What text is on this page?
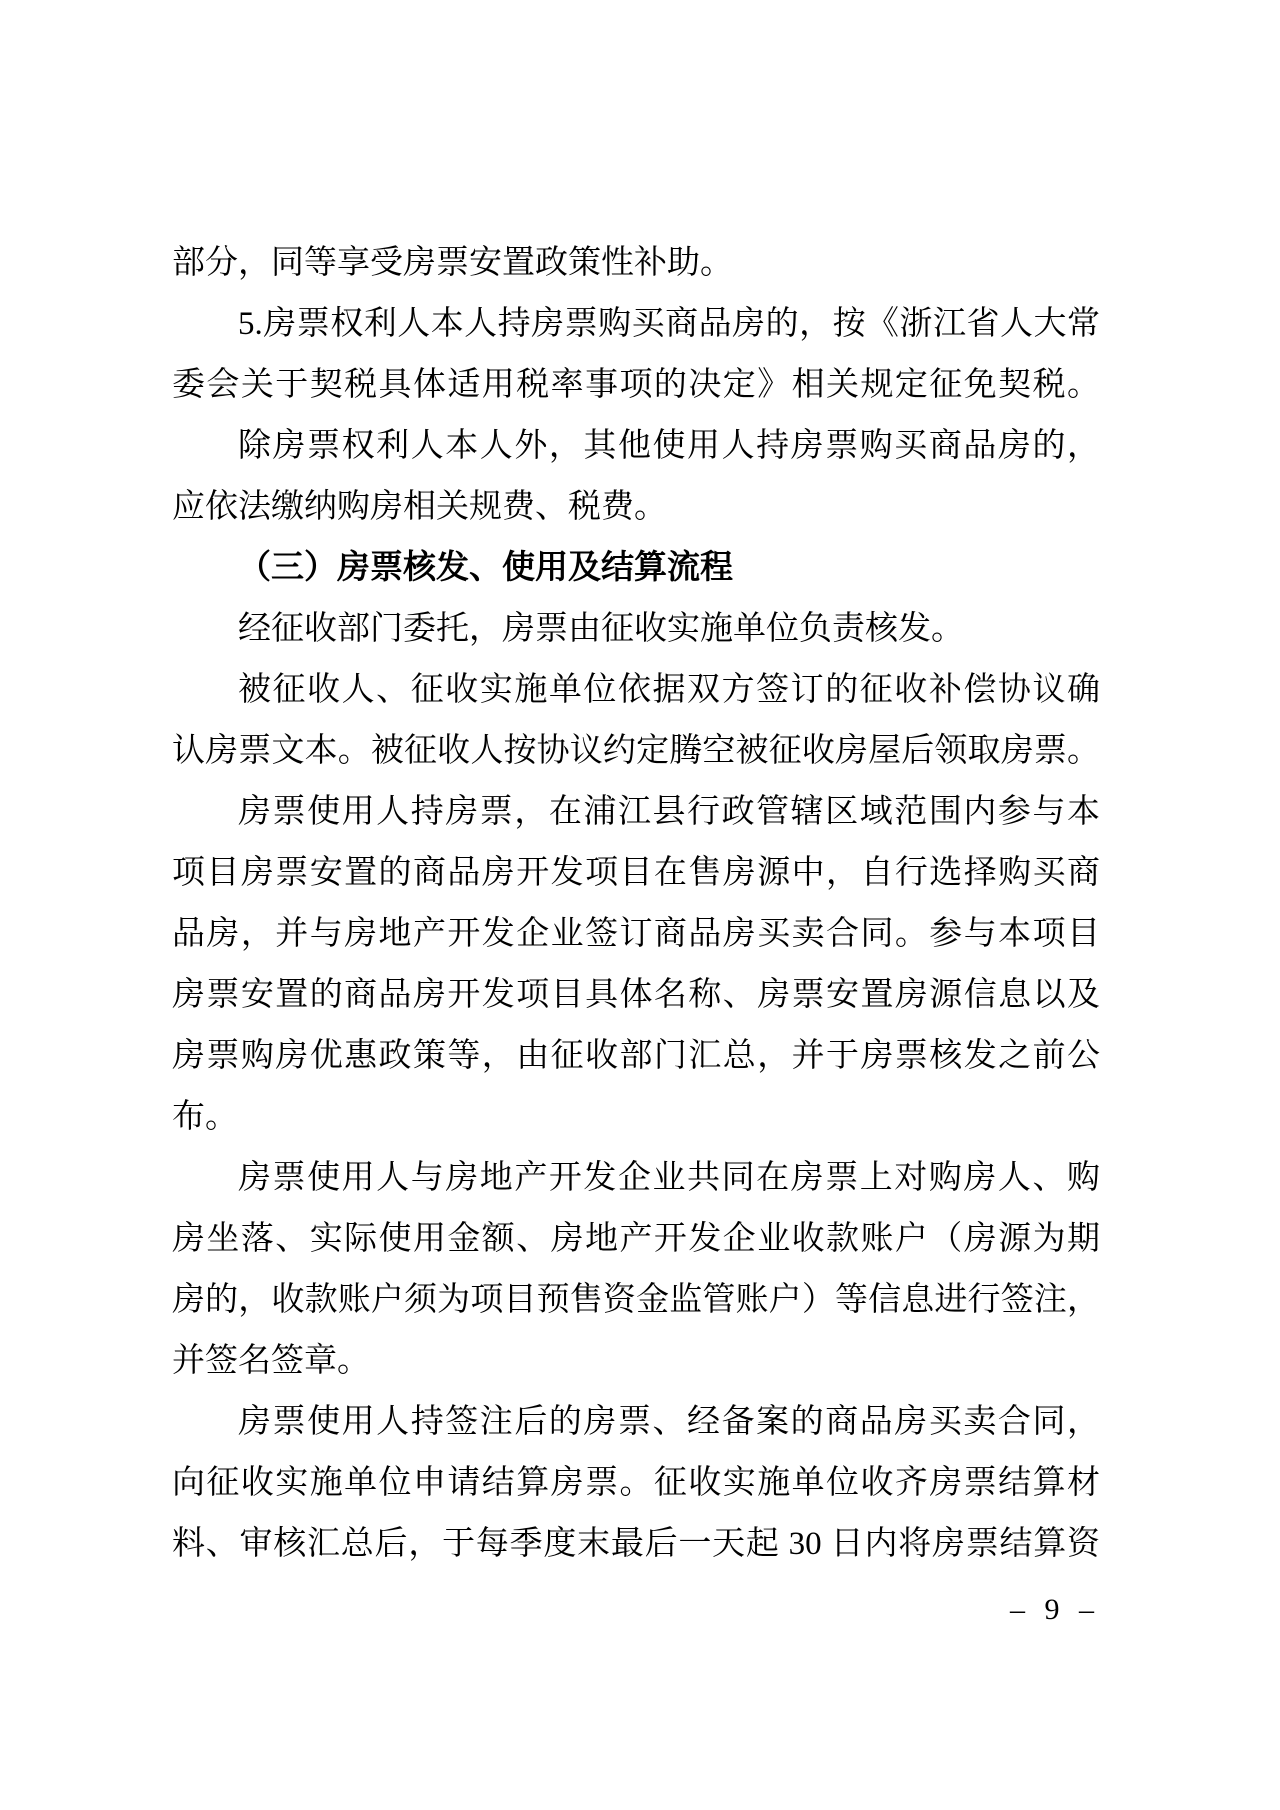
部分，同等享受房票安置政策性补助。
5.房票权利人本人持房票购买商品房的，按《浙江省人大常
委会关于契税具体适用税率事项的决定》相关规定征免契税。
除房票权利人本人外，其他使用人持房票购买商品房的，
应依法缴纳购房相关规费、税费。
（三）房票核发、使用及结算流程
经征收部门委托，房票由征收实施单位负责核发。
被征收人、征收实施单位依据双方签订的征收补偿协议确
认房票文本。被征收人按协议约定腾空被征收房屋后领取房票。
房票使用人持房票，在浦江县行政管辖区域范围内参与本
项目房票安置的商品房开发项目在售房源中，自行选择购买商
品房，并与房地产开发企业签订商品房买卖合同。参与本项目
房票安置的商品房开发项目具体名称、房票安置房源信息以及
房票购房优惠政策等，由征收部门汇总，并于房票核发之前公
布。
房票使用人与房地产开发企业共同在房票上对购房人、购
房坐落、实际使用金额、房地产开发企业收款账户（房源为期
房的，收款账户须为项目预售资金监管账户）等信息进行签注，
并签名签章。
房票使用人持签注后的房票、经备案的商品房买卖合同，
向征收实施单位申请结算房票。征收实施单位收齐房票结算材
料、审核汇总后，于每季度末最后一天起 30 日内将房票结算资
– 9 –
